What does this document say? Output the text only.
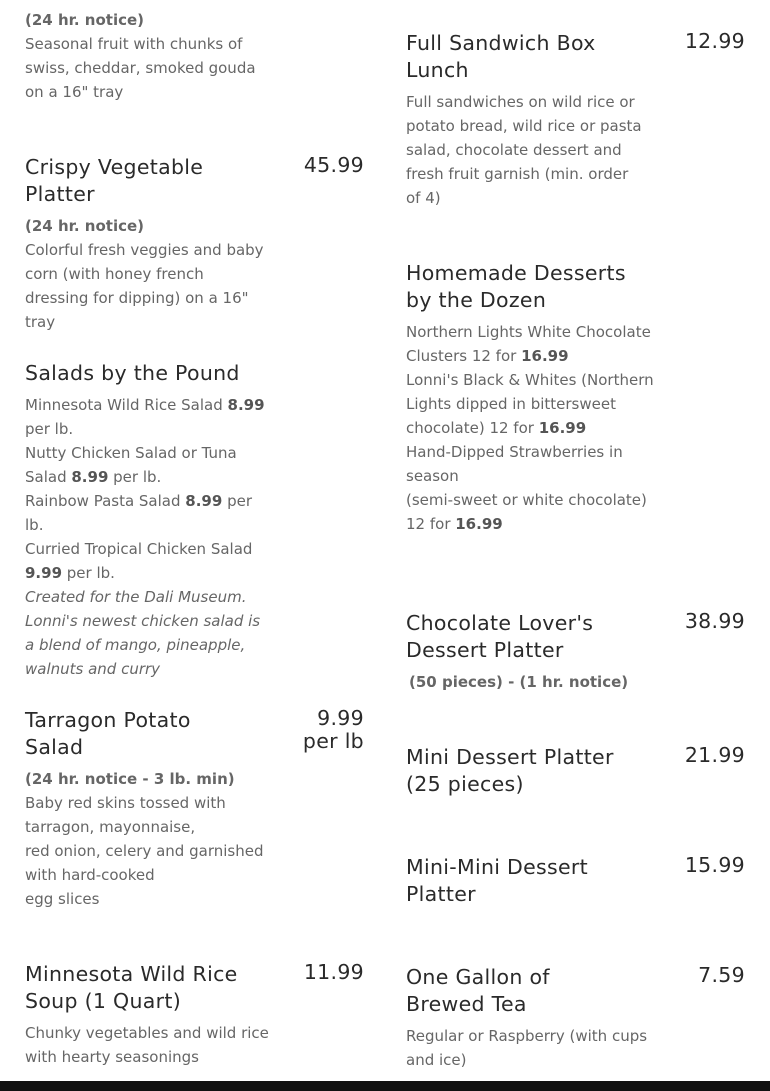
(24 hr. notice)
Seasonal fruit with chunks of swiss, cheddar, smoked gouda on a 16" tray
Crispy Vegetable Platter
45.99
(24 hr. notice)
Colorful fresh veggies and baby corn (with honey french dressing for dipping) on a 16" tray
Salads by the Pound
Minnesota Wild Rice Salad 8.99 per lb.
Nutty Chicken Salad or Tuna Salad 8.99 per lb.
Rainbow Pasta Salad 8.99 per lb.
Curried Tropical Chicken Salad 9.99 per lb.
Created for the Dali Museum. Lonni's newest chicken salad is a blend of mango, pineapple, walnuts and curry
Tarragon Potato Salad
9.99
per lb
(24 hr. notice - 3 lb. min)
Baby red skins tossed with
tarragon, mayonnaise,
red onion, celery and garnished
with hard-cooked
egg slices
Minnesota Wild Rice Soup (1 Quart)
11.99
Chunky vegetables and wild rice with hearty seasonings
Full Sandwich Box Lunch
12.99
Full sandwiches on wild rice or potato bread, wild rice or pasta salad, chocolate dessert and fresh fruit garnish (min. order of 4)
Homemade Desserts by the Dozen
Northern Lights White Chocolate Clusters 12 for 16.99
Lonni's Black & Whites (Northern Lights dipped in bittersweet chocolate) 12 for 16.99
Hand-Dipped Strawberries in season
(semi-sweet or white chocolate) 12 for 16.99
Chocolate Lover's Dessert Platter
38.99
(50 pieces) - (1 hr. notice)
Mini Dessert Platter (25 pieces)
21.99
Mini-Mini Dessert Platter
15.99
One Gallon of Brewed Tea
7.59
Regular or Raspberry (with cups and ice)
